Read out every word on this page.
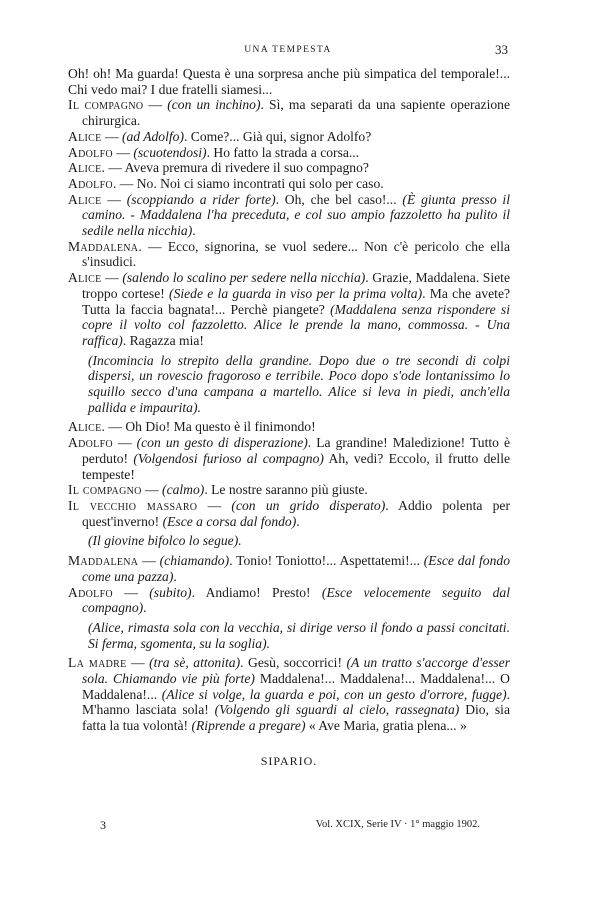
UNA TEMPESTA	33

Oh! oh! Ma guarda! Questa è una sorpresa anche più simpatica del temporale!... Chi vedo mai? I due fratelli siamesi...

Il compagno — (con un inchino). Sì, ma separati da una sapiente operazione chirurgica.

Alice — (ad Adolfo). Come?... Già qui, signor Adolfo?

Adolfo — (scuotendosi). Ho fatto la strada a corsa...

Alice. — Aveva premura di rivedere il suo compagno?

Adolfo. — No. Noi ci siamo incontrati qui solo per caso.

Alice — (scoppiando a rider forte). Oh, che bel caso!... (È giunta presso il camino. - Maddalena l'ha preceduta, e col suo ampio fazzoletto ha pulito il sedile nella nicchia).

Maddalena. — Ecco, signorina, se vuol sedere... Non c'è pericolo che ella s'insudici.

Alice — (salendo lo scalino per sedere nella nicchia). Grazie, Maddalena. Siete troppo cortese! (Siede e la guarda in viso per la prima volta). Ma che avete? Tutta la faccia bagnata!... Perchè piangete? (Maddalena senza rispondere si copre il volto col fazzoletto. Alice le prende la mano, commossa. - Una raffica). Ragazza mia!

(Incomincia lo strepito della grandine. Dopo due o tre secondi di colpi dispersi, un rovescio fragoroso e terribile. Poco dopo s'ode lontanissimo lo squillo secco d'una campana a martello. Alice si leva in piedi, anch'ella pallida e impaurita).

Alice. — Oh Dio! Ma questo è il finimondo!

Adolfo — (con un gesto di disperazione). La grandine! Maledizione! Tutto è perduto! (Volgendosi furioso al compagno) Ah, vedi? Eccolo, il frutto delle tempeste!

Il compagno — (calmo). Le nostre saranno più giuste.

Il vecchio massaro — (con un grido disperato). Addio polenta per quest'inverno! (Esce a corsa dal fondo).

(Il giovine bifolco lo segue).

Maddalena — (chiamando). Tonio! Toniotto!... Aspettatemi!... (Esce dal fondo come una pazza).

Adolfo — (subito). Andiamo! Presto! (Esce velocemente seguito dal compagno).

(Alice, rimasta sola con la vecchia, si dirige verso il fondo a passi concitati. Si ferma, sgomenta, su la soglia).

La madre — (tra sè, attonita). Gesù, soccorrici! (A un tratto s'accorge d'esser sola. Chiamando vie più forte) Maddalena!... Maddalena!... Maddalena!... O Maddalena!... (Alice si volge, la guarda e poi, con un gesto d'orrore, fugge). M'hanno lasciata sola! (Volgendo gli sguardi al cielo, rassegnata) Dio, sia fatta la tua volontà! (Riprende a pregare) « Ave Maria, gratia plena... »

SIPARIO.

3	Vol. XCIX, Serie IV · 1° maggio 1902.
